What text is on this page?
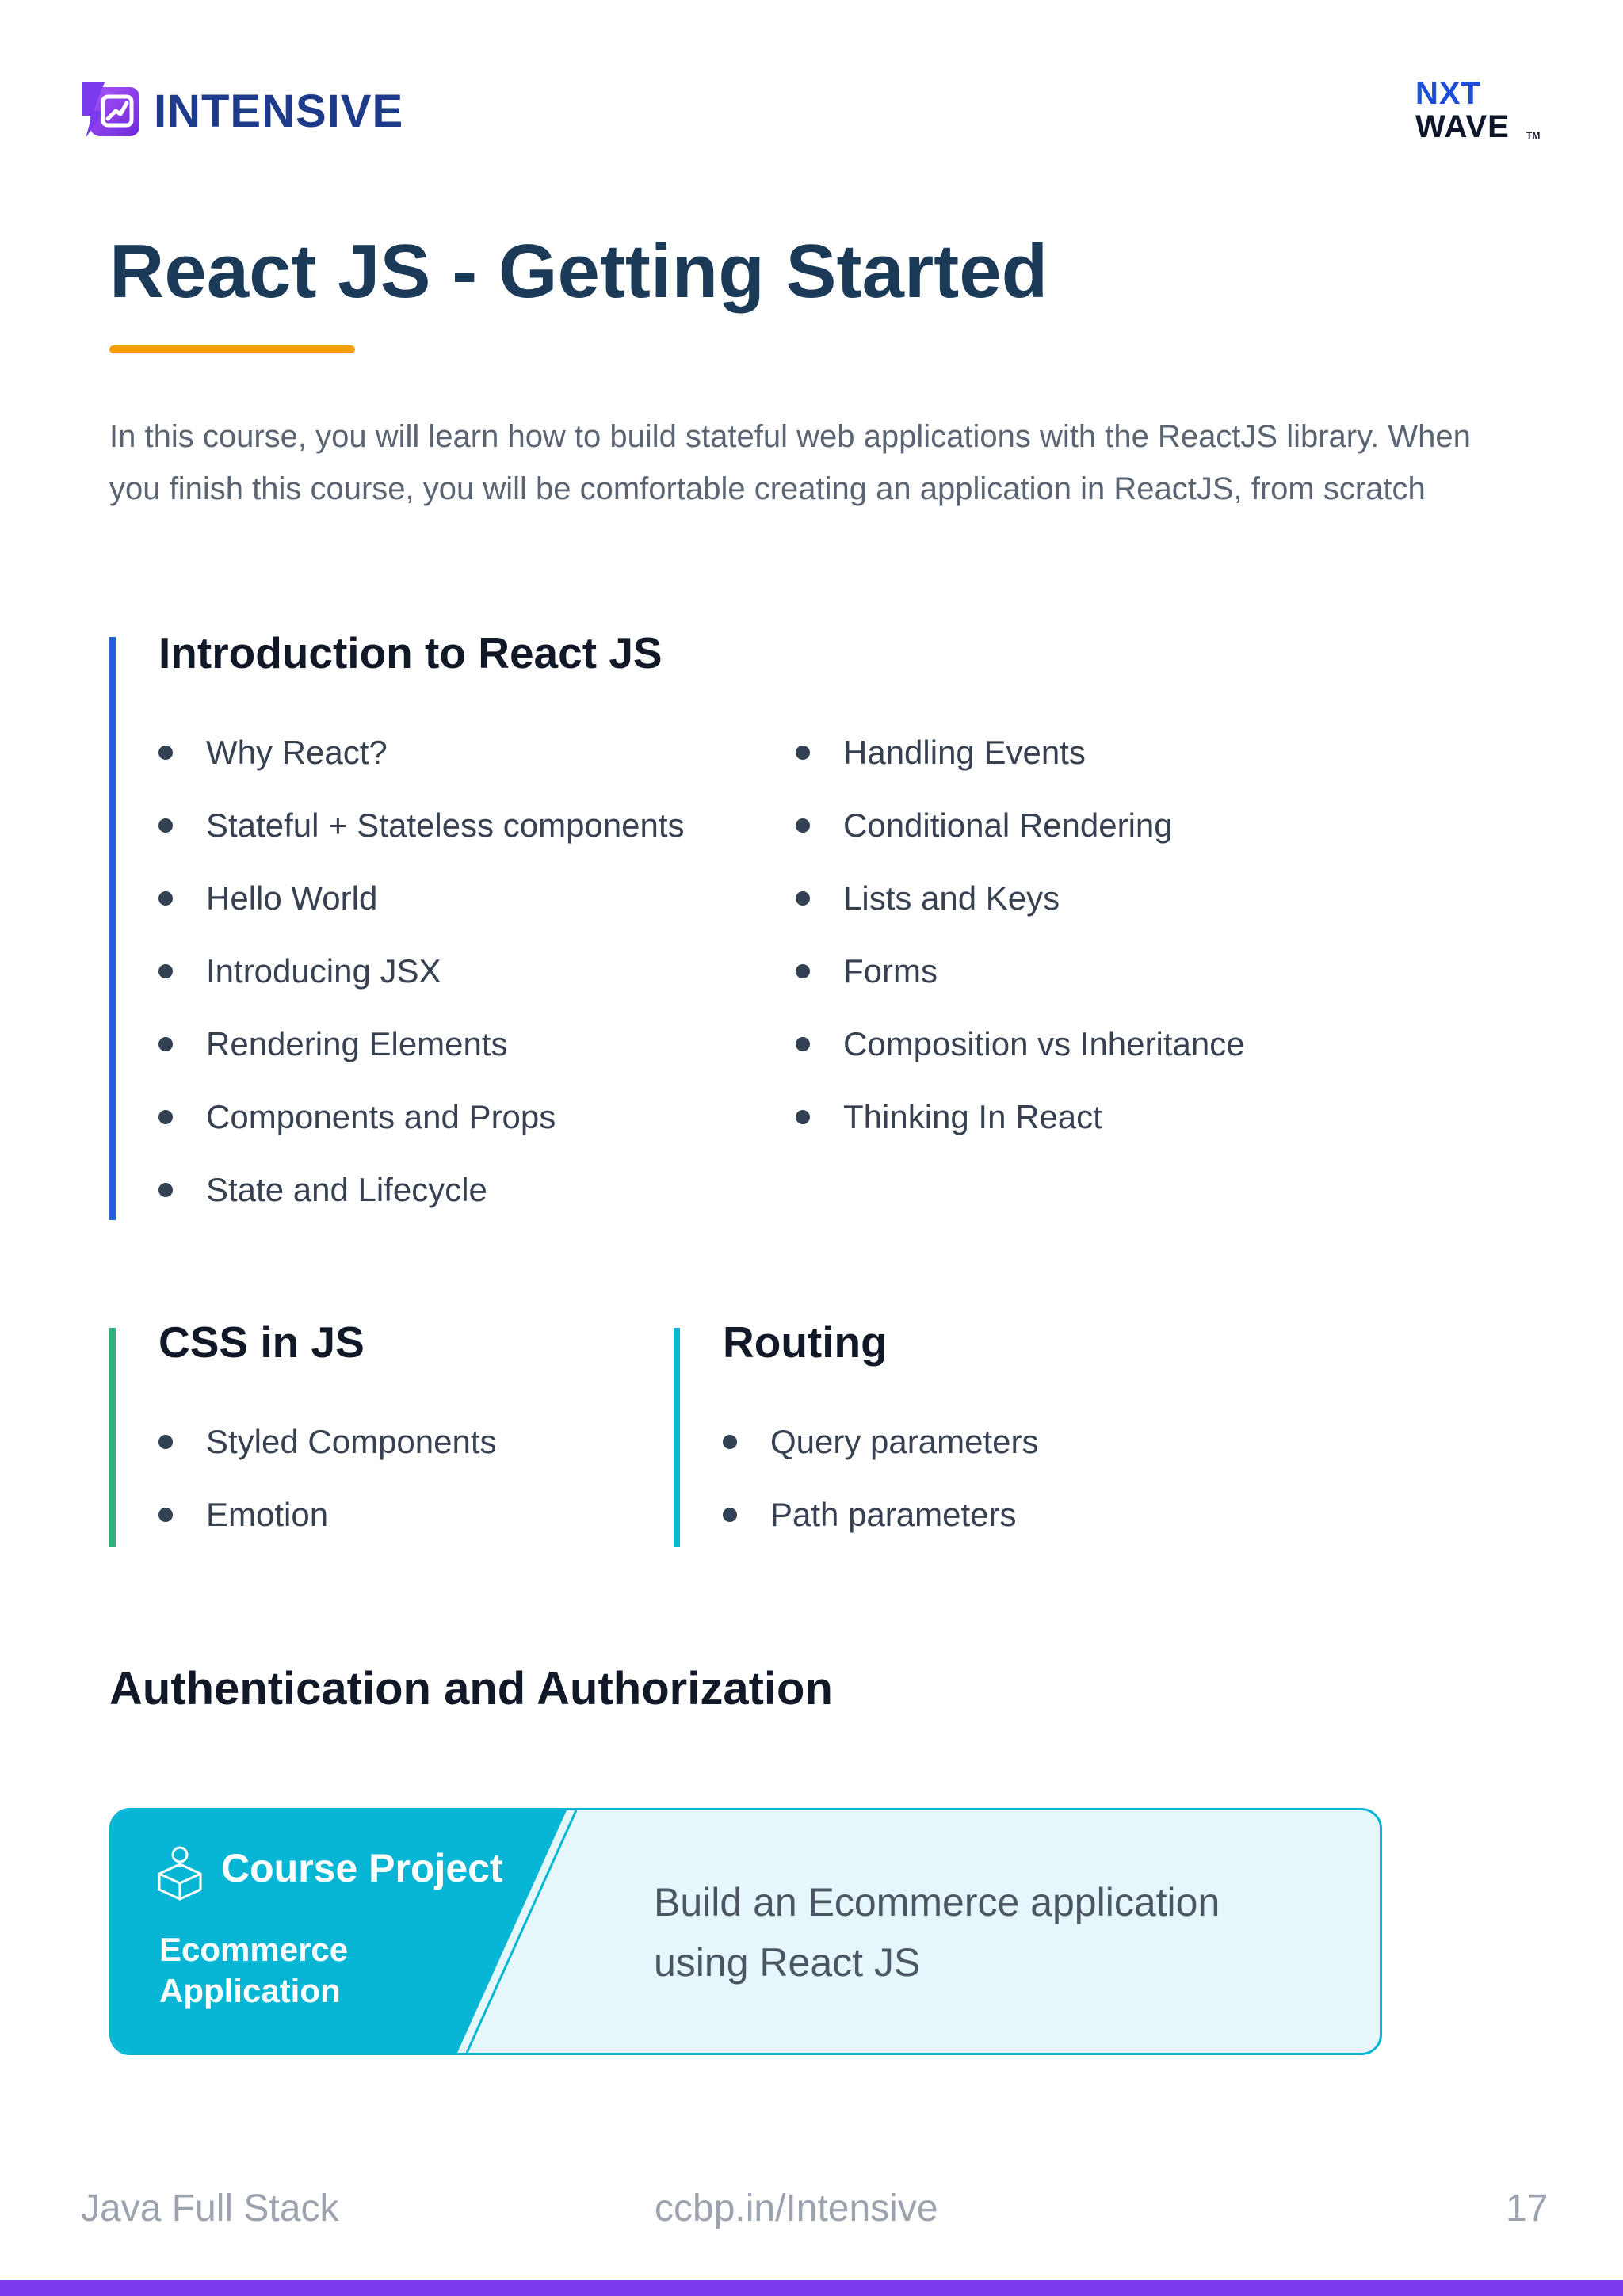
INTENSIVE	NXT
WAVE TM
React JS - Getting Started
In this course, you will learn how to build stateful web applications with the ReactJS library. When you finish this course, you will be comfortable creating an application in ReactJS, from scratch
Introduction to React JS
Why React?
Stateful + Stateless components
Hello World
Introducing JSX
Rendering Elements
Components and Props
State and Lifecycle
Handling Events
Conditional Rendering
Lists and Keys
Forms
Composition vs Inheritance
Thinking In React
CSS in JS
Styled Components
Emotion
Routing
Query parameters
Path parameters
Authentication and Authorization
Course Project
Ecommerce Application
Build an Ecommerce application using React JS
Java Full Stack	ccbp.in/Intensive	17
